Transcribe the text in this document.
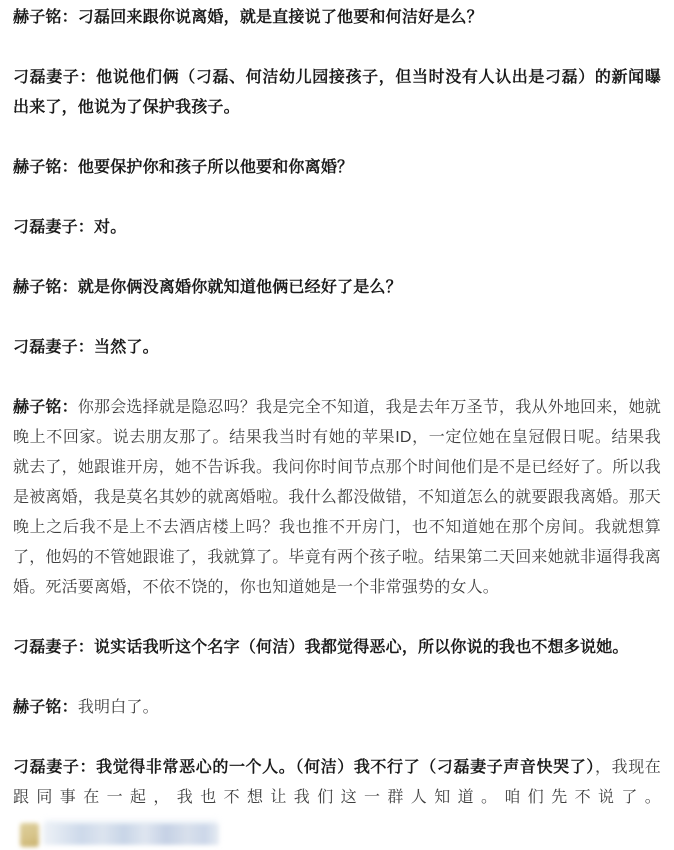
赫子铭：刁磊回来跟你说离婚，就是直接说了他要和何洁好是么？

刁磊妻子：他说他们俩（刁磊、何洁幼儿园接孩子，但当时没有人认出是刁磊）的新闻曝出来了，他说为了保护我孩子。

赫子铭：他要保护你和孩子所以他要和你离婚？

刁磊妻子：对。

赫子铭：就是你俩没离婚你就知道他俩已经好了是么？

刁磊妻子：当然了。

赫子铭：你那会选择就是隐忍吗？我是完全不知道，我是去年万圣节，我从外地回来，她就晚上不回家。说去朋友那了。结果我当时有她的苹果ID，一定位她在皇冠假日呢。结果我就去了，她跟谁开房，她不告诉我。我问你时间节点那个时间他们是不是已经好了。所以我是被离婚，我是莫名其妙的就离婚啦。我什么都没做错，不知道怎么的就要跟我离婚。那天晚上之后我不是上不去酒店楼上吗？我也推不开房门，也不知道她在那个房间。我就想算了，他妈的不管她跟谁了，我就算了。毕竟有两个孩子啦。结果第二天回来她就非逼得我离婚。死活要离婚，不依不饶的，你也知道她是一个非常强势的女人。

刁磊妻子：说实话我听这个名字（何洁）我都觉得恶心，所以你说的我也不想多说她。

赫子铭：我明白了。

刁磊妻子：我觉得非常恶心的一个人。（何洁）我不行了（刁磊妻子声音快哭了），我现在跟同事在一起，我也不想让我们这一群人知道。咱们先不说了。
